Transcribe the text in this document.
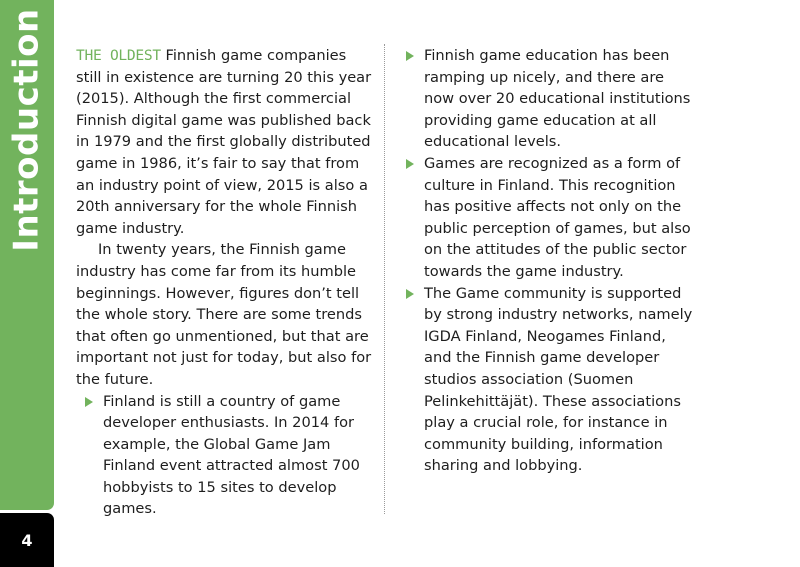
Introduction
4

THE OLDEST Finnish game companies still in existence are turning 20 this year (2015). Although the first commercial Finnish digital game was published back in 1979 and the first globally distributed game in 1986, it’s fair to say that from an industry point of view, 2015 is also a 20th anniversary for the whole Finnish game industry.

In twenty years, the Finnish game industry has come far from its humble beginnings. However, figures don’t tell the whole story. There are some trends that often go unmentioned, but that are important not just for today, but also for the future.

Finland is still a country of game developer enthusiasts. In 2014 for example, the Global Game Jam Finland event attracted almost 700 hobbyists to 15 sites to develop games.
Finnish game education has been ramping up nicely, and there are now over 20 educational institutions providing game education at all educational levels.
Games are recognized as a form of culture in Finland. This recognition has positive affects not only on the public perception of games, but also on the attitudes of the public sector towards the game industry.
The Game community is supported by strong industry networks, namely IGDA Finland, Neogames Finland, and the Finnish game developer studios association (Suomen Pelinkehittäjät). These associations play a crucial role, for instance in community building, information sharing and lobbying.
